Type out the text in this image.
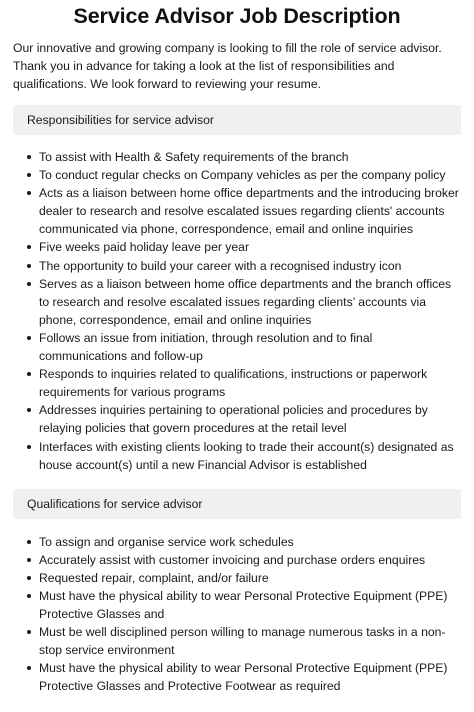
Service Advisor Job Description

Our innovative and growing company is looking to fill the role of service advisor. Thank you in advance for taking a look at the list of responsibilities and qualifications. We look forward to reviewing your resume.

Responsibilities for service advisor
To assist with Health & Safety requirements of the branch
To conduct regular checks on Company vehicles as per the company policy
Acts as a liaison between home office departments and the introducing broker dealer to research and resolve escalated issues regarding clients' accounts communicated via phone, correspondence, email and online inquiries
Five weeks paid holiday leave per year
The opportunity to build your career with a recognised industry icon
Serves as a liaison between home office departments and the branch offices to research and resolve escalated issues regarding clients’ accounts via phone, correspondence, email and online inquiries
Follows an issue from initiation, through resolution and to final communications and follow-up
Responds to inquiries related to qualifications, instructions or paperwork requirements for various programs
Addresses inquiries pertaining to operational policies and procedures by relaying policies that govern procedures at the retail level
Interfaces with existing clients looking to trade their account(s) designated as house account(s) until a new Financial Advisor is established
Qualifications for service advisor
To assign and organise service work schedules
Accurately assist with customer invoicing and purchase orders enquires
Requested repair, complaint, and/or failure
Must have the physical ability to wear Personal Protective Equipment (PPE) Protective Glasses and
Must be well disciplined person willing to manage numerous tasks in a non-stop service environment
Must have the physical ability to wear Personal Protective Equipment (PPE) Protective Glasses and Protective Footwear as required
